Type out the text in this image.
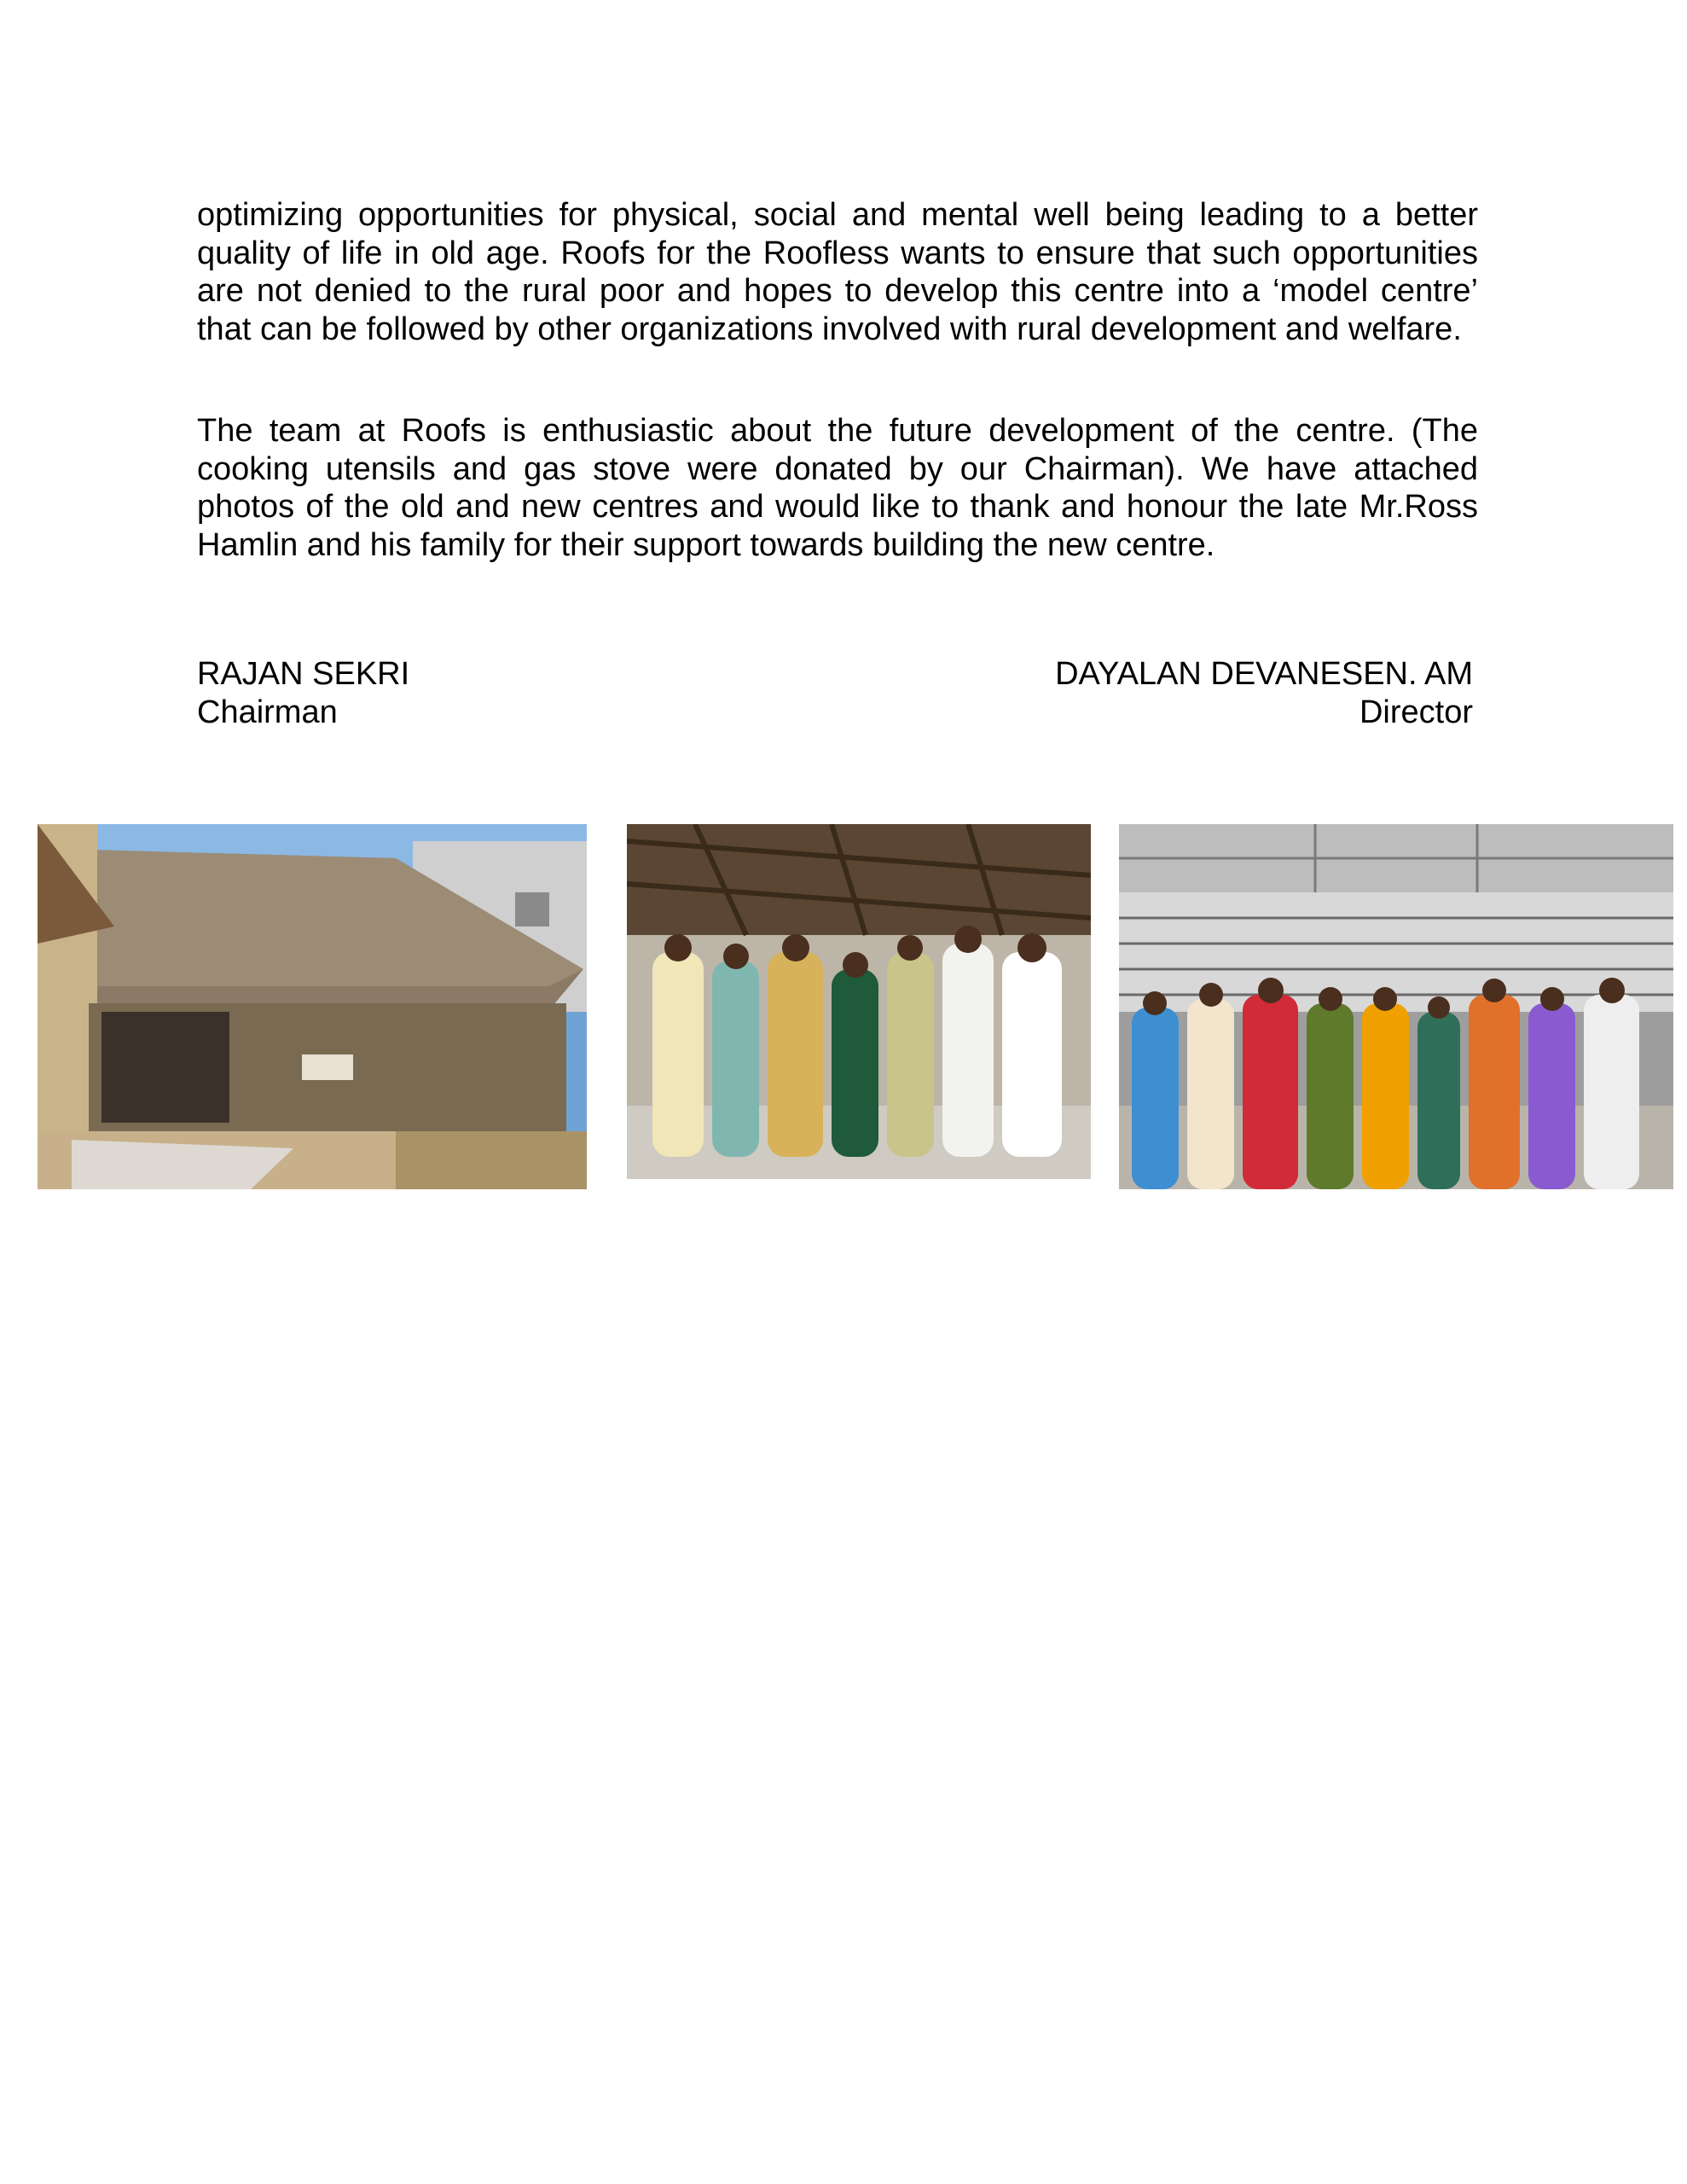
optimizing opportunities for physical, social and mental well being leading to a better quality of life in old age. Roofs for the Roofless wants to ensure that such opportunities are not denied to the rural poor and hopes to develop this centre into a ‘model centre’ that can be followed by other organizations involved with rural development and welfare.

The team at Roofs is enthusiastic about the future development of the centre. (The cooking utensils and gas stove were donated by our Chairman). We have attached photos of the old and new centres and would like to thank and honour the late Mr.Ross Hamlin and his family for their support towards building the new centre.

RAJAN SEKRI
Chairman
DAYALAN DEVANESEN. AM
Director
